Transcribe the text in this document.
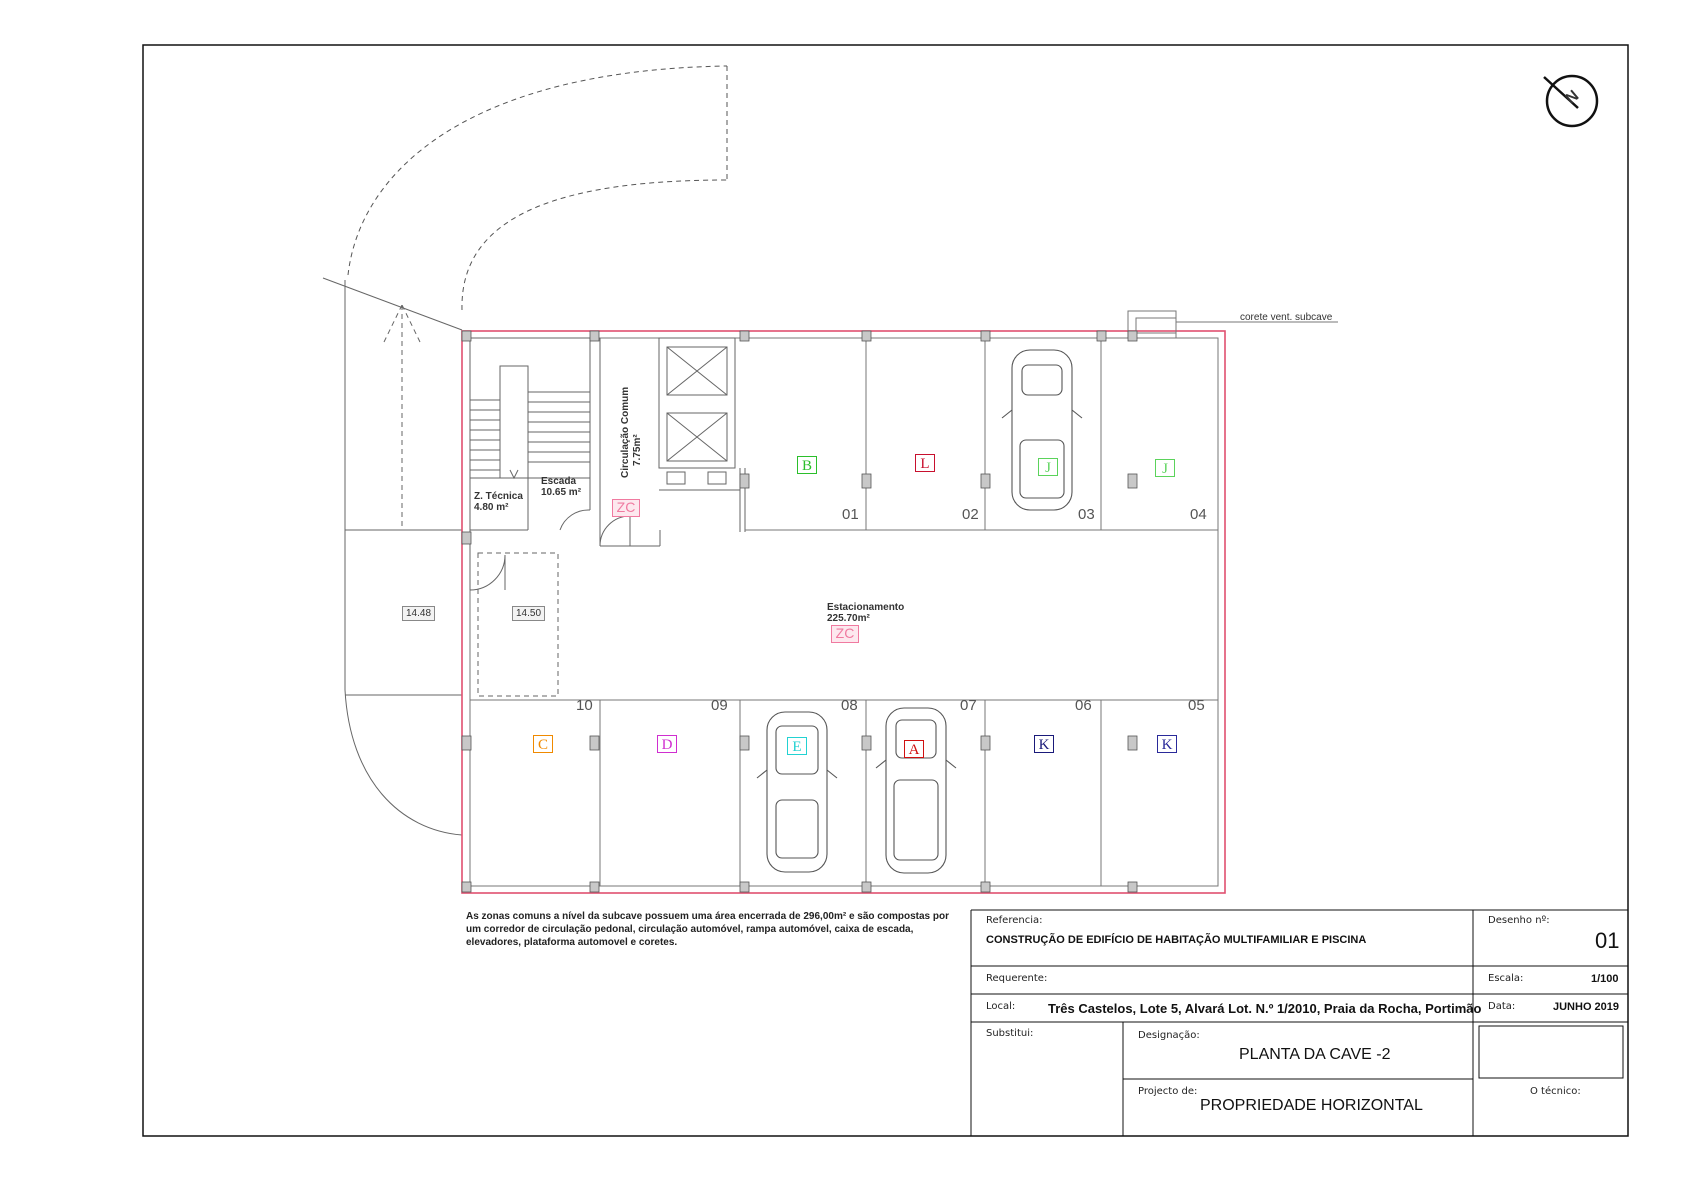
N
corete vent. subcave
Z. Técnica
4.80 m²
Escada
10.65 m²
Circulação Comum 7.75m²
Estacionamento
225.70m²
ZC
ZC
14.48	14.50
B
01
L
02
J
03
J
04
10
C
09
D
08
E
07
A
06
K
05
K
As zonas comuns a nível da subcave possuem uma área encerrada de 296,00m² e são compostas por um corredor de circulação pedonal, circulação automóvel, rampa automóvel, caixa de escada, elevadores, plataforma automovel e coretes.
Referencia:
CONSTRUÇÃO DE EDIFÍCIO DE HABITAÇÃO MULTIFAMILIAR E PISCINA
Desenho nº:
01
Requerente:	Escala:	1/100
Local:	Três Castelos, Lote 5, Alvará Lot. N.º 1/2010, Praia da Rocha, Portimão Data:	JUNHO 2019
Substitui:	Designação:
PLANTA DA CAVE -2
Projecto de:
PROPRIEDADE HORIZONTAL
O técnico:
